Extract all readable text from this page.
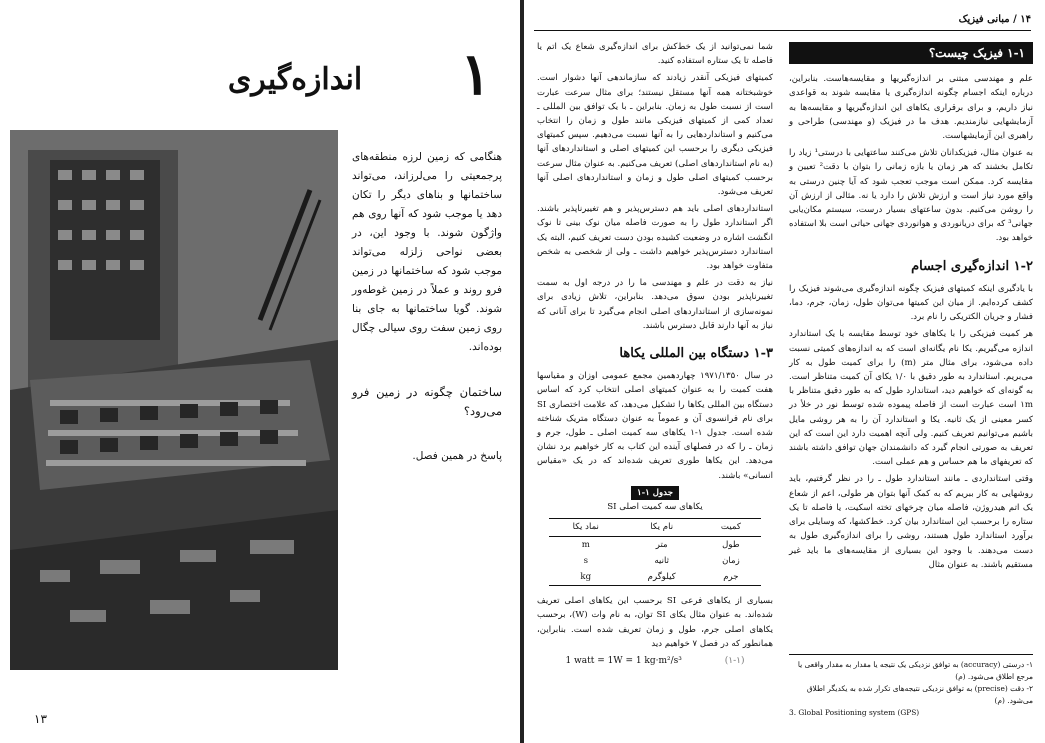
۱
اندازه‌گیری

هنگامی که زمین لرزه منطقه‌های پرجمعیتی را می‌لرزاند، می‌تواند ساختمانها و بناهای دیگر را تکان دهد یا موجب شود که آنها روی هم واژگون شوند. با وجود این، در بعضی نواحی زلزله می‌تواند موجب شود که ساختمانها در زمین فرو روند و عملاً در زمین غوطه‌ور شوند. گویا ساختمانها به جای بنا روی زمین سفت روی سیالی چگال بوده‌اند.

ساختمان چگونه در زمین فرو می‌رود؟

پاسخ در همین فصل.

۱۳
۱۴ / مبانی فیزیک
۱-۱ فیزیک چیست؟

علم و مهندسی مبتنی بر اندازه‌گیریها و مقایسه‌هاست. بنابراین، درباره اینکه اجسام چگونه اندازه‌گیری یا مقایسه شوند به قواعدی نیاز داریم، و برای برقراری یکاهای این اندازه‌گیریها و مقایسه‌ها به آزمایشهایی نیازمندیم. هدف ما در فیزیک (و مهندسی) طراحی و راهبری این آزمایشهاست.

به عنوان مثال، فیزیکدانان تلاش می‌کنند ساعتهایی با درستی¹ زیاد را تکامل بخشند که هر زمان یا بازه زمانی را بتوان با دقت² تعیین و مقایسه کرد. ممکن است موجب تعجب شود که آیا چنین درستی به واقع مورد نیاز است و ارزش تلاش را دارد یا نه. مثالی از ارزش آن را روشن می‌کنیم. بدون ساعتهای بسیار درست، سیستم مکان‌یابی جهانی³ که برای دریانوردی و هوانوردی جهانی حیاتی است بلا استفاده خواهد بود.

۱-۲ اندازه‌گیری اجسام

با یادگیری اینکه کمیتهای فیزیک چگونه اندازه‌گیری می‌شوند فیزیک را کشف کرده‌ایم. از میان این کمیتها می‌توان طول، زمان، جرم، دما، فشار و جریان الکتریکی را نام برد.

هر کمیت فیزیکی را با یکاهای خود توسط مقایسه با یک استاندارد اندازه می‌گیریم. یکا نام یگانه‌ای است که به اندازه‌های کمیتی نسبت داده می‌شود، برای مثال متر (m) را برای کمیت طول به کار می‌بریم. استاندارد به طور دقیق با ۱/۰ یکای آن کمیت متناظر است. به گونه‌ای که خواهیم دید، استاندارد طول که به طور دقیق متناظر با ۱m است عبارت است از فاصله پیموده شده توسط نور در خلأ در کسر معینی از یک ثانیه. یکا و استاندارد آن را به هر روشی مایل باشیم می‌توانیم تعریف کنیم. ولی آنچه اهمیت دارد این است که این تعریف به صورتی انجام گیرد که دانشمندان جهان توافق داشته باشند که تعریفهای ما هم حساس و هم عملی است.

وقتی استانداردی ـ مانند استاندارد طول ـ را در نظر گرفتیم، باید روشهایی به کار ببریم که به کمک آنها بتوان هر طولی، اعم از شعاع یک اتم هیدروژن، فاصله میان چرخهای تخته اسکیت، یا فاصله تا یک ستاره را برحسب این استاندارد بیان کرد. خط‌کشها، که وسایلی برای برآورد استاندارد طول هستند، روشی را برای اندازه‌گیری طول به دست می‌دهند. با وجود این بسیاری از مقایسه‌های ما باید غیر مستقیم باشند. به عنوان مثال

شما نمی‌توانید از یک خط‌کش برای اندازه‌گیری شعاع یک اتم یا فاصله تا یک ستاره استفاده کنید.

کمیتهای فیزیکی آنقدر زیادند که سازماندهی آنها دشوار است. خوشبختانه همه آنها مستقل نیستند؛ برای مثال سرعت عبارت است از نسبت طول به زمان. بنابراین ـ با یک توافق بین المللی ـ تعداد کمی از کمیتهای فیزیکی مانند طول و زمان را انتخاب می‌کنیم و استانداردهایی را به آنها نسبت می‌دهیم. سپس کمیتهای فیزیکی دیگری را برحسب این کمیتهای اصلی و استانداردهای آنها (به نام استانداردهای اصلی) تعریف می‌کنیم. به عنوان مثال سرعت برحسب کمیتهای اصلی طول و زمان و استانداردهای اصلی آنها تعریف می‌شود.

استانداردهای اصلی باید هم دسترس‌پذیر و هم تغییرناپذیر باشند. اگر استاندارد طول را به صورت فاصله میان نوک بینی تا نوک انگشت اشاره در وضعیت کشیده بودن دست تعریف کنیم، البته یک استاندارد دسترس‌پذیر خواهیم داشت ـ ولی از شخصی به شخص متفاوت خواهد بود.

نیاز به دقت در علم و مهندسی ما را در درجه اول به سمت تغییرناپذیر بودن سوق می‌دهد. بنابراین، تلاش زیادی برای نمونه‌سازی از استانداردهای اصلی انجام می‌گیرد تا برای آنانی که نیاز به آنها دارند قابل دسترس باشند.

۱-۳ دستگاه بین المللی یکاها

در سال ۱۹۷۱/۱۳۵۰ چهاردهمین مجمع عمومی اوزان و مقیاسها هفت کمیت را به عنوان کمیتهای اصلی انتخاب کرد که اساس دستگاه بین المللی یکاها را تشکیل می‌دهد، که علامت اختصاری SI برای نام فرانسوی آن و عموماً به عنوان دستگاه متریک شناخته شده است. جدول ۱-۱ یکاهای سه کمیت اصلی ـ طول، جرم و زمان ـ را که در فصلهای آینده این کتاب به کار خواهیم برد نشان می‌دهد. این یکاها طوری تعریف شده‌اند که در یک «مقیاس انسانی» باشند.

جدول ۱-۱
یکاهای سه کمیت اصلی SI
کمیت	نام یکا	نماد یکا
طول	متر	m
زمان	ثانیه	s
جرم	کیلوگرم	kg

بسیاری از یکاهای فرعی SI برحسب این یکاهای اصلی تعریف شده‌اند. به عنوان مثال یکای SI توان، به نام وات (W)، برحسب یکاهای اصلی جرم، طول و زمان تعریف شده است. بنابراین، همانطور که در فصل ۷ خواهیم دید

1 watt = 1W = 1 kg·m²/s³	(۱-۱)	۱- درستی (accuracy) به توافق نزدیکی یک نتیجه یا مقدار به مقدار واقعی یا مرجع اطلاق می‌شود. (م)

۲- دقت (precise) به توافق نزدیکی نتیجه‌های تکرار شده به یکدیگر اطلاق می‌شود. (م)

3. Global Positioning system (GPS)
